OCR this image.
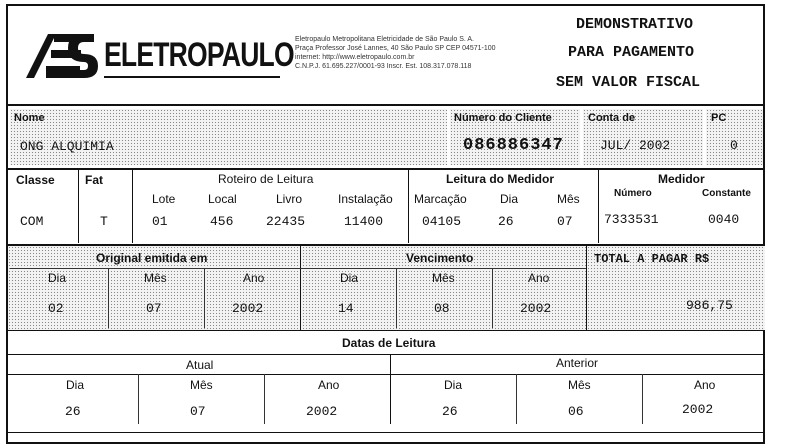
ELETROPAULO Eletropaulo Metropolitana Eletricidade de São Paulo S. A.
Praça Professor José Lannes, 40 São Paulo SP CEP 04571-100
internet: http://www.eletropaulo.com.br
C.N.P.J. 61.695.227/0001-93 Inscr. Est. 108.317.078.118
DEMONSTRATIVO
PARA PAGAMENTO
SEM VALOR FISCAL
Nome
ONG ALQUIMIA
Número do Cliente
086886347
Conta de
JUL/ 2002
PC
0
Classe
COM
Fat
T
Roteiro de Leitura
Lote	Local	Livro	Instalação
01	456	22435	11400
Leitura do Medidor
Marcação	Dia	Mês
04105	26	07
Medidor
Número	Constante
7333531	0040
Original emitida em
Dia	Mês	Ano
02	07	2002
Vencimento
Dia	Mês	Ano
14	08	2002
TOTAL A PAGAR R$
986,75
Datas de Leitura
Atual	Anterior
Dia	Mês	Ano
26	07	2002
Dia	Mês	Ano
26	06	2002
